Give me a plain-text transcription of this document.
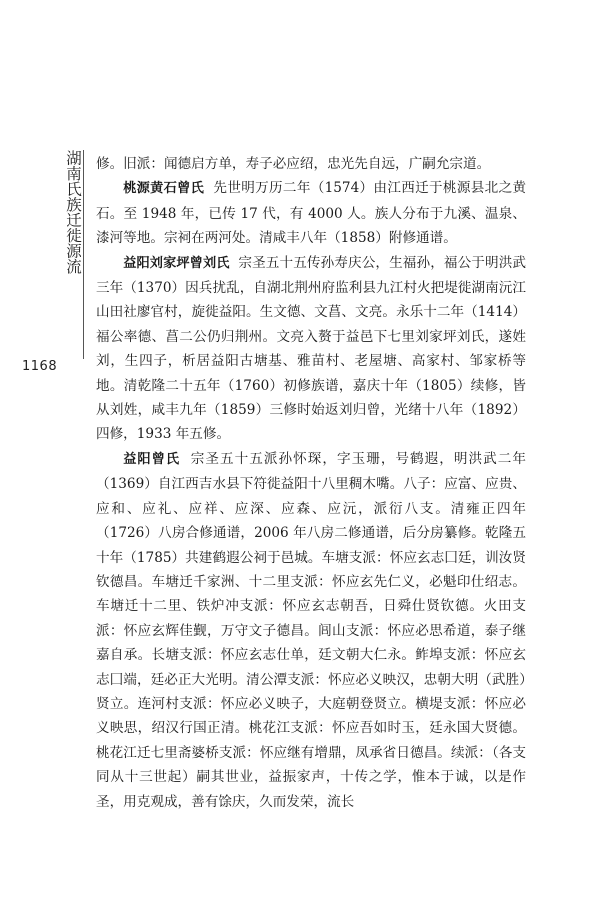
湖南氏族迁徙源流
1168

修。旧派：闻德启方单，寿子必应绍，忠光先自远，广嗣允宗道。

桃源黄石曾氏 先世明万历二年（1574）由江西迁于桃源县北之黄石。至 1948 年，已传 17 代，有 4000 人。族人分布于九溪、温泉、漆河等地。宗祠在两河处。清咸丰八年（1858）附修通谱。

益阳刘家坪曾刘氏 宗圣五十五传孙寿庆公，生福孙，福公于明洪武三年（1370）因兵扰乱，自湖北荆州府监利县九江村火把堤徙湖南沅江山田社廖官村，旋徙益阳。生文德、文菖、文亮。永乐十二年（1414）福公率德、菖二公仍归荆州。文亮入赘于益邑下七里刘家坪刘氏，遂姓刘，生四子，析居益阳古塘基、雅苗村、老屋塘、高家村、邹家桥等地。清乾隆二十五年（1760）初修族谱，嘉庆十年（1805）续修，皆从刘姓，咸丰九年（1859）三修时始返刘归曾，光绪十八年（1892）四修，1933 年五修。

益阳曾氏 宗圣五十五派孙怀琛，字玉珊，号鹤遐，明洪武二年（1369）自江西吉水县下符徙益阳十八里稠木嘴。八子：应富、应贵、应和、应礼、应祥、应深、应森、应沅，派衍八支。清雍正四年（1726）八房合修通谱，2006 年八房二修通谱，后分房纂修。乾隆五十年（1785）共建鹤遐公祠于邑城。车塘支派：怀应玄志囗廷，训汝贤钦德昌。车塘迁千家洲、十二里支派：怀应玄先仁义，必魁印仕绍志。车塘迁十二里、铁炉冲支派：怀应玄志朝吾，日舜仕贤钦德。火田支派：怀应玄辉佳觐，万守文子德昌。闾山支派：怀应必思希道，泰子继嘉自承。长塘支派：怀应玄志仕单，廷文朝大仁永。鲊埠支派：怀应玄志囗端，廷必正大光明。清公潭支派：怀应必义映汉，忠朝大明（武胜）贤立。连河村支派：怀应必义映子，大庭朝登贤立。横堤支派：怀应必义映思，绍汉行国正清。桃花江支派：怀应吾如时玉，廷永国大贤德。桃花江迁七里斋婆桥支派：怀应继有增鼎，凤承省日德昌。续派：（各支同从十三世起）嗣其世业，益振家声，十传之学，惟本于诚，以是作圣，用克观成，善有馀庆，久而发荣，流长
